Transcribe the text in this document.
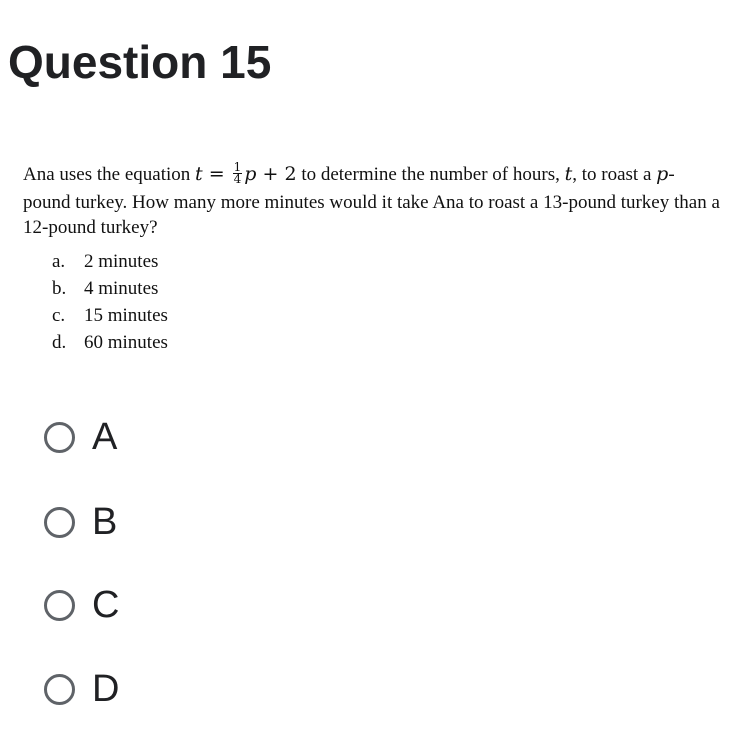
Question 15

Ana uses the equation $t = \frac{1}{4}$ p + 2 to determine the number of hours, t, to roast a p-

pound turkey. How many more minutes would it take Ana to roast a 13-pound turkey than a 12-pound turkey?

a. 2 minutes
b. 4 minutes
c. 15 minutes
d. 60 minutes
A
B
C
D
